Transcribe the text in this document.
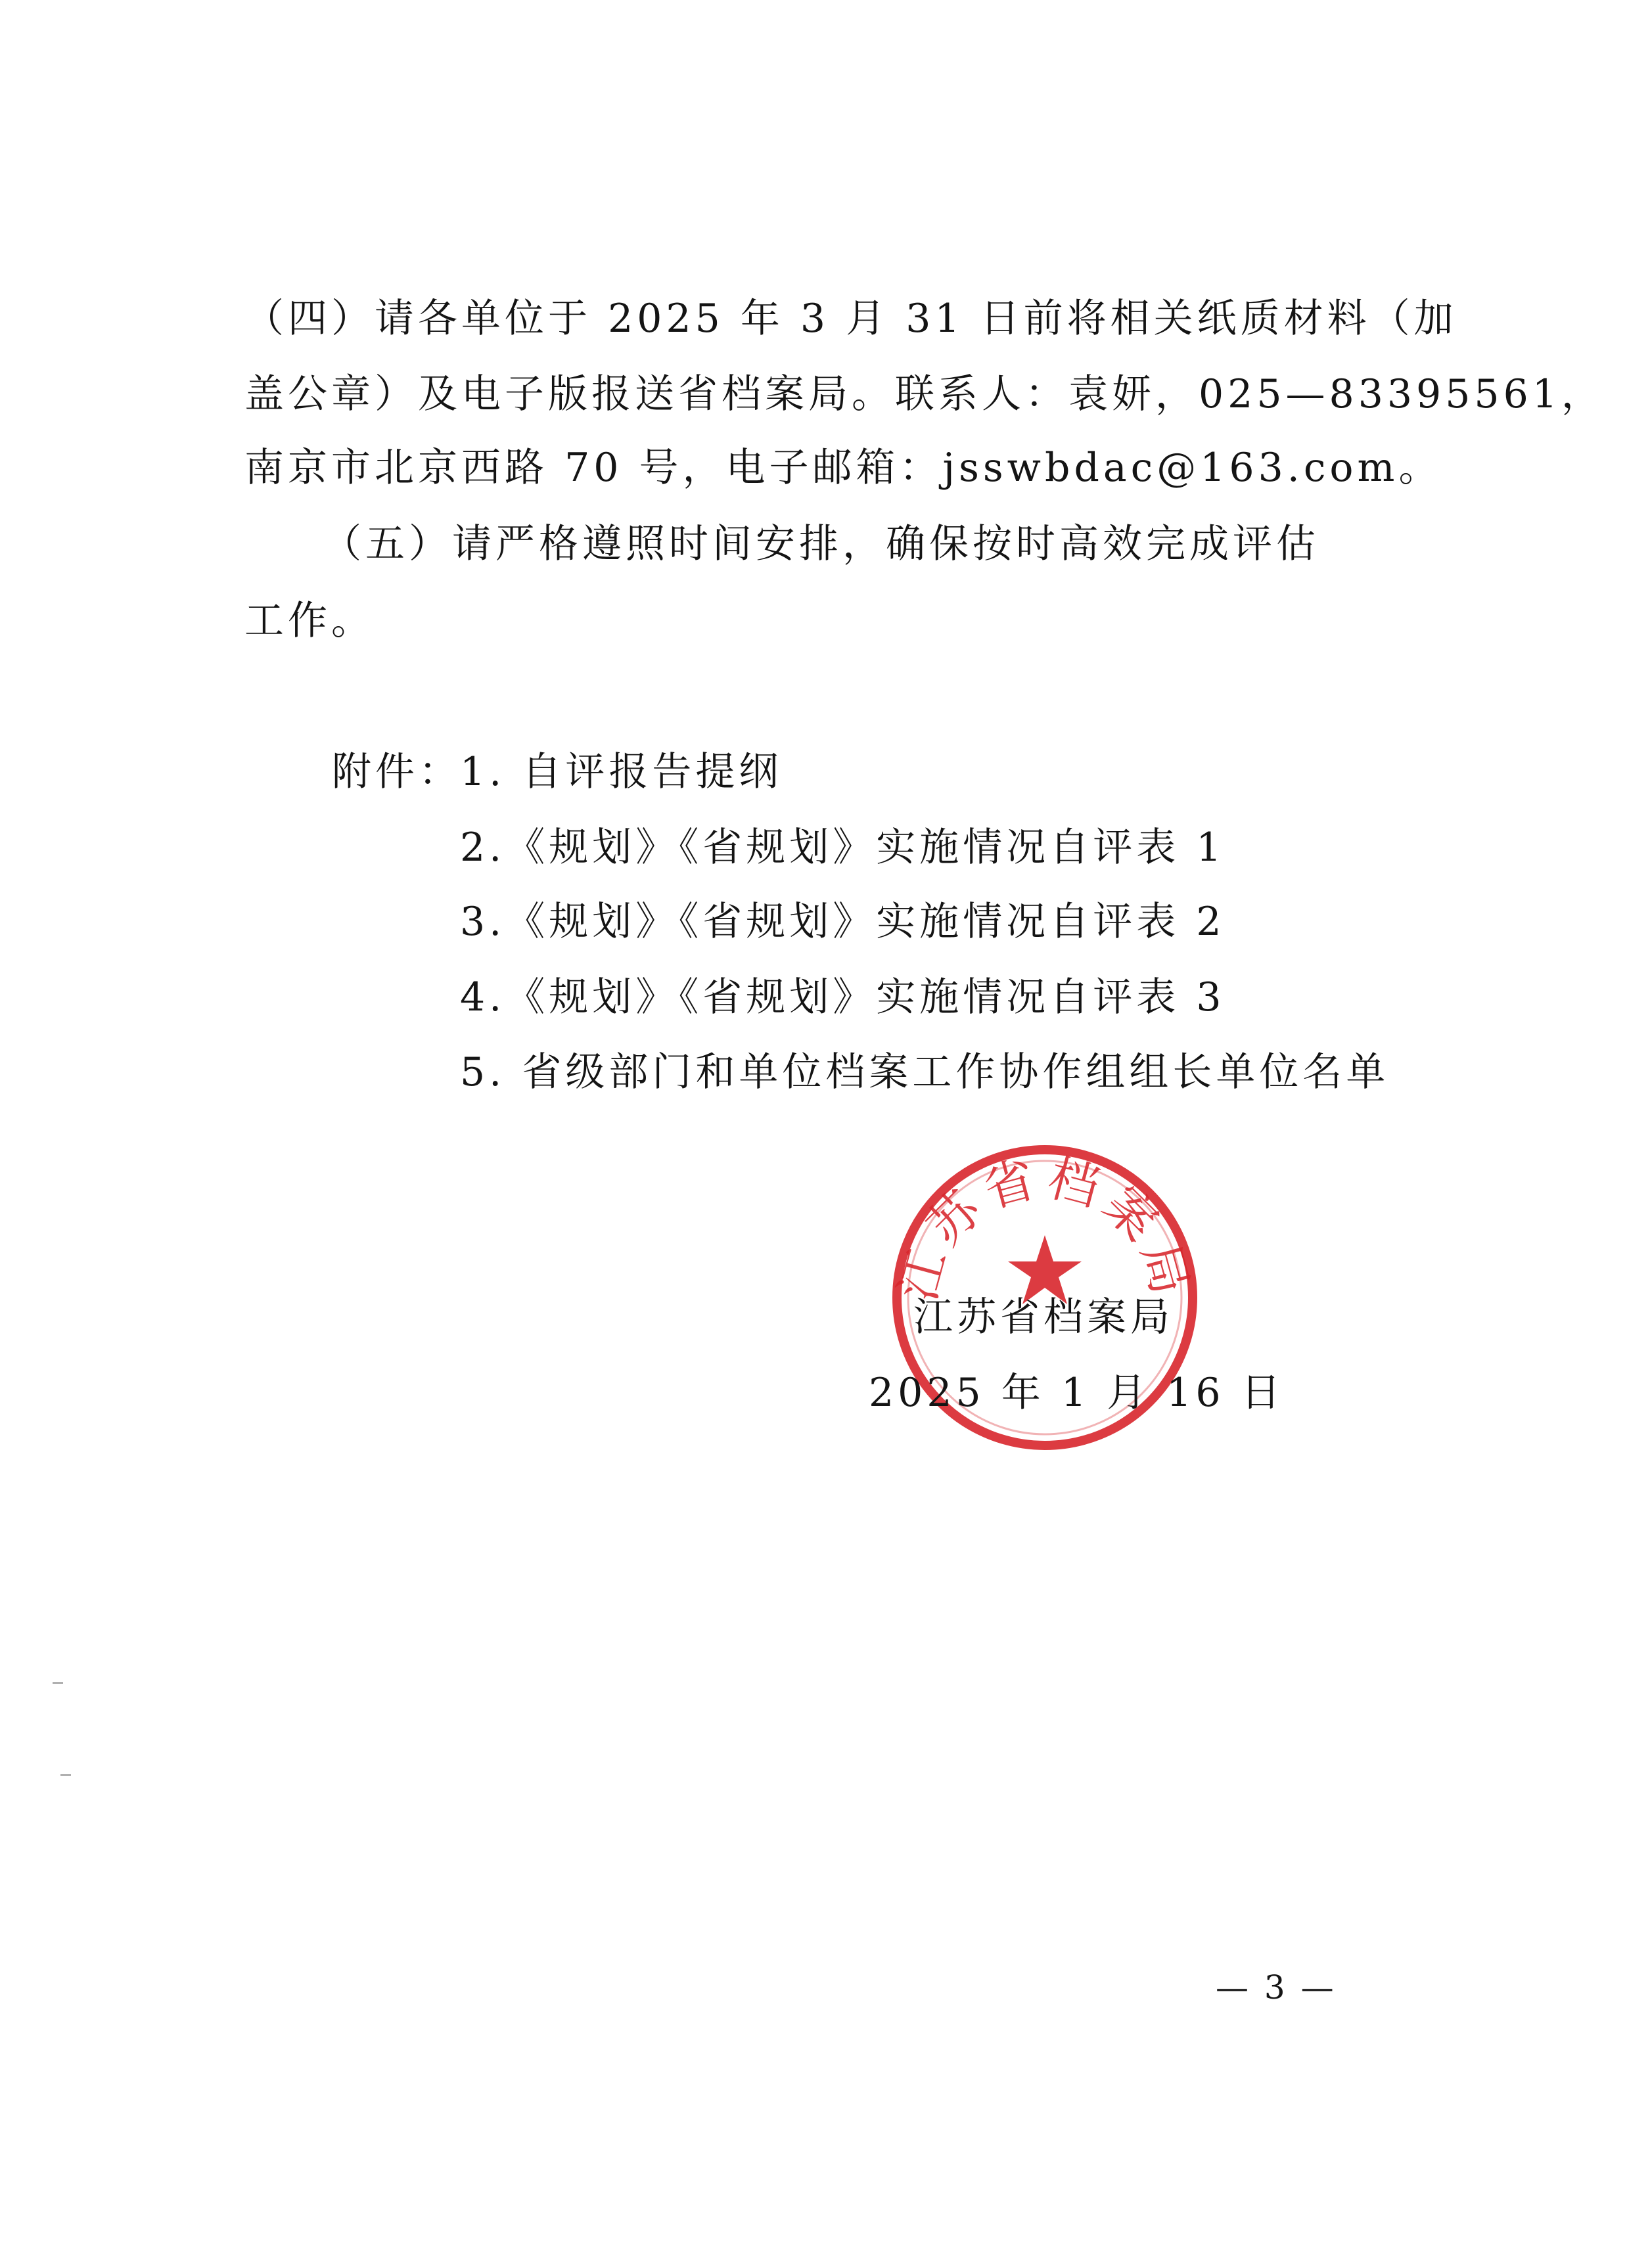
（四）请各单位于 2025 年 3 月 31 日前将相关纸质材料（加
盖公章）及电子版报送省档案局。联系人：袁妍，025—83395561，
南京市北京西路 70 号，电子邮箱：jsswbdac@163.com。
（五）请严格遵照时间安排，确保按时高效完成评估
工作。
附件：
1. 自评报告提纲
2.《规划》《省规划》实施情况自评表 1
3.《规划》《省规划》实施情况自评表 2
4.《规划》《省规划》实施情况自评表 3
5. 省级部门和单位档案工作协作组组长单位名单
江苏省档案局
江苏省档案局
2025 年 1 月 16 日
— 3 —
